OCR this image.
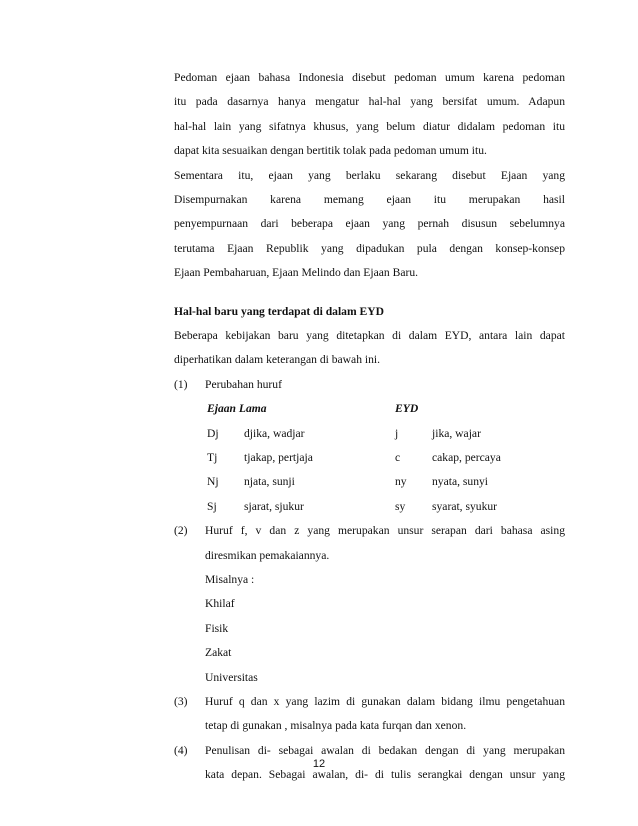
Pedoman ejaan bahasa Indonesia disebut pedoman umum karena pedoman
itu pada dasarnya hanya mengatur hal-hal yang bersifat umum. Adapun
hal-hal lain yang sifatnya khusus, yang belum diatur didalam pedoman itu
dapat kita sesuaikan dengan bertitik tolak pada pedoman umum itu.
Sementara itu, ejaan yang berlaku sekarang disebut Ejaan yang
Disempurnakan karena memang ejaan itu merupakan hasil
penyempurnaan dari beberapa ejaan yang pernah disusun sebelumnya
terutama Ejaan Republik yang dipadukan pula dengan konsep-konsep
Ejaan Pembaharuan, Ejaan Melindo dan Ejaan Baru.
Hal-hal baru yang terdapat di dalam EYD
Beberapa kebijakan baru yang ditetapkan di dalam EYD, antara lain dapat
diperhatikan dalam keterangan di bawah ini.
(1)	Perubahan huruf
Ejaan Lama	EYD
Dj djika, wadjar	j	jika, wajar
Tj tjakap, pertjaja	c	cakap, percaya
Nj njata, sunji	ny nyata, sunyi
Sj sjarat, sjukur	sy syarat, syukur
(2)	Huruf f, v dan z yang merupakan unsur serapan dari bahasa asing
diresmikan pemakaiannya.
Misalnya :
Khilaf
Fisik
Zakat
Universitas
(3)	Huruf q dan x yang lazim di gunakan dalam bidang ilmu pengetahuan
tetap di gunakan , misalnya pada kata furqan dan xenon.
(4)	Penulisan di- sebagai awalan di bedakan dengan di yang merupakan
kata depan. Sebagai awalan, di- di tulis serangkai dengan unsur yang
12
